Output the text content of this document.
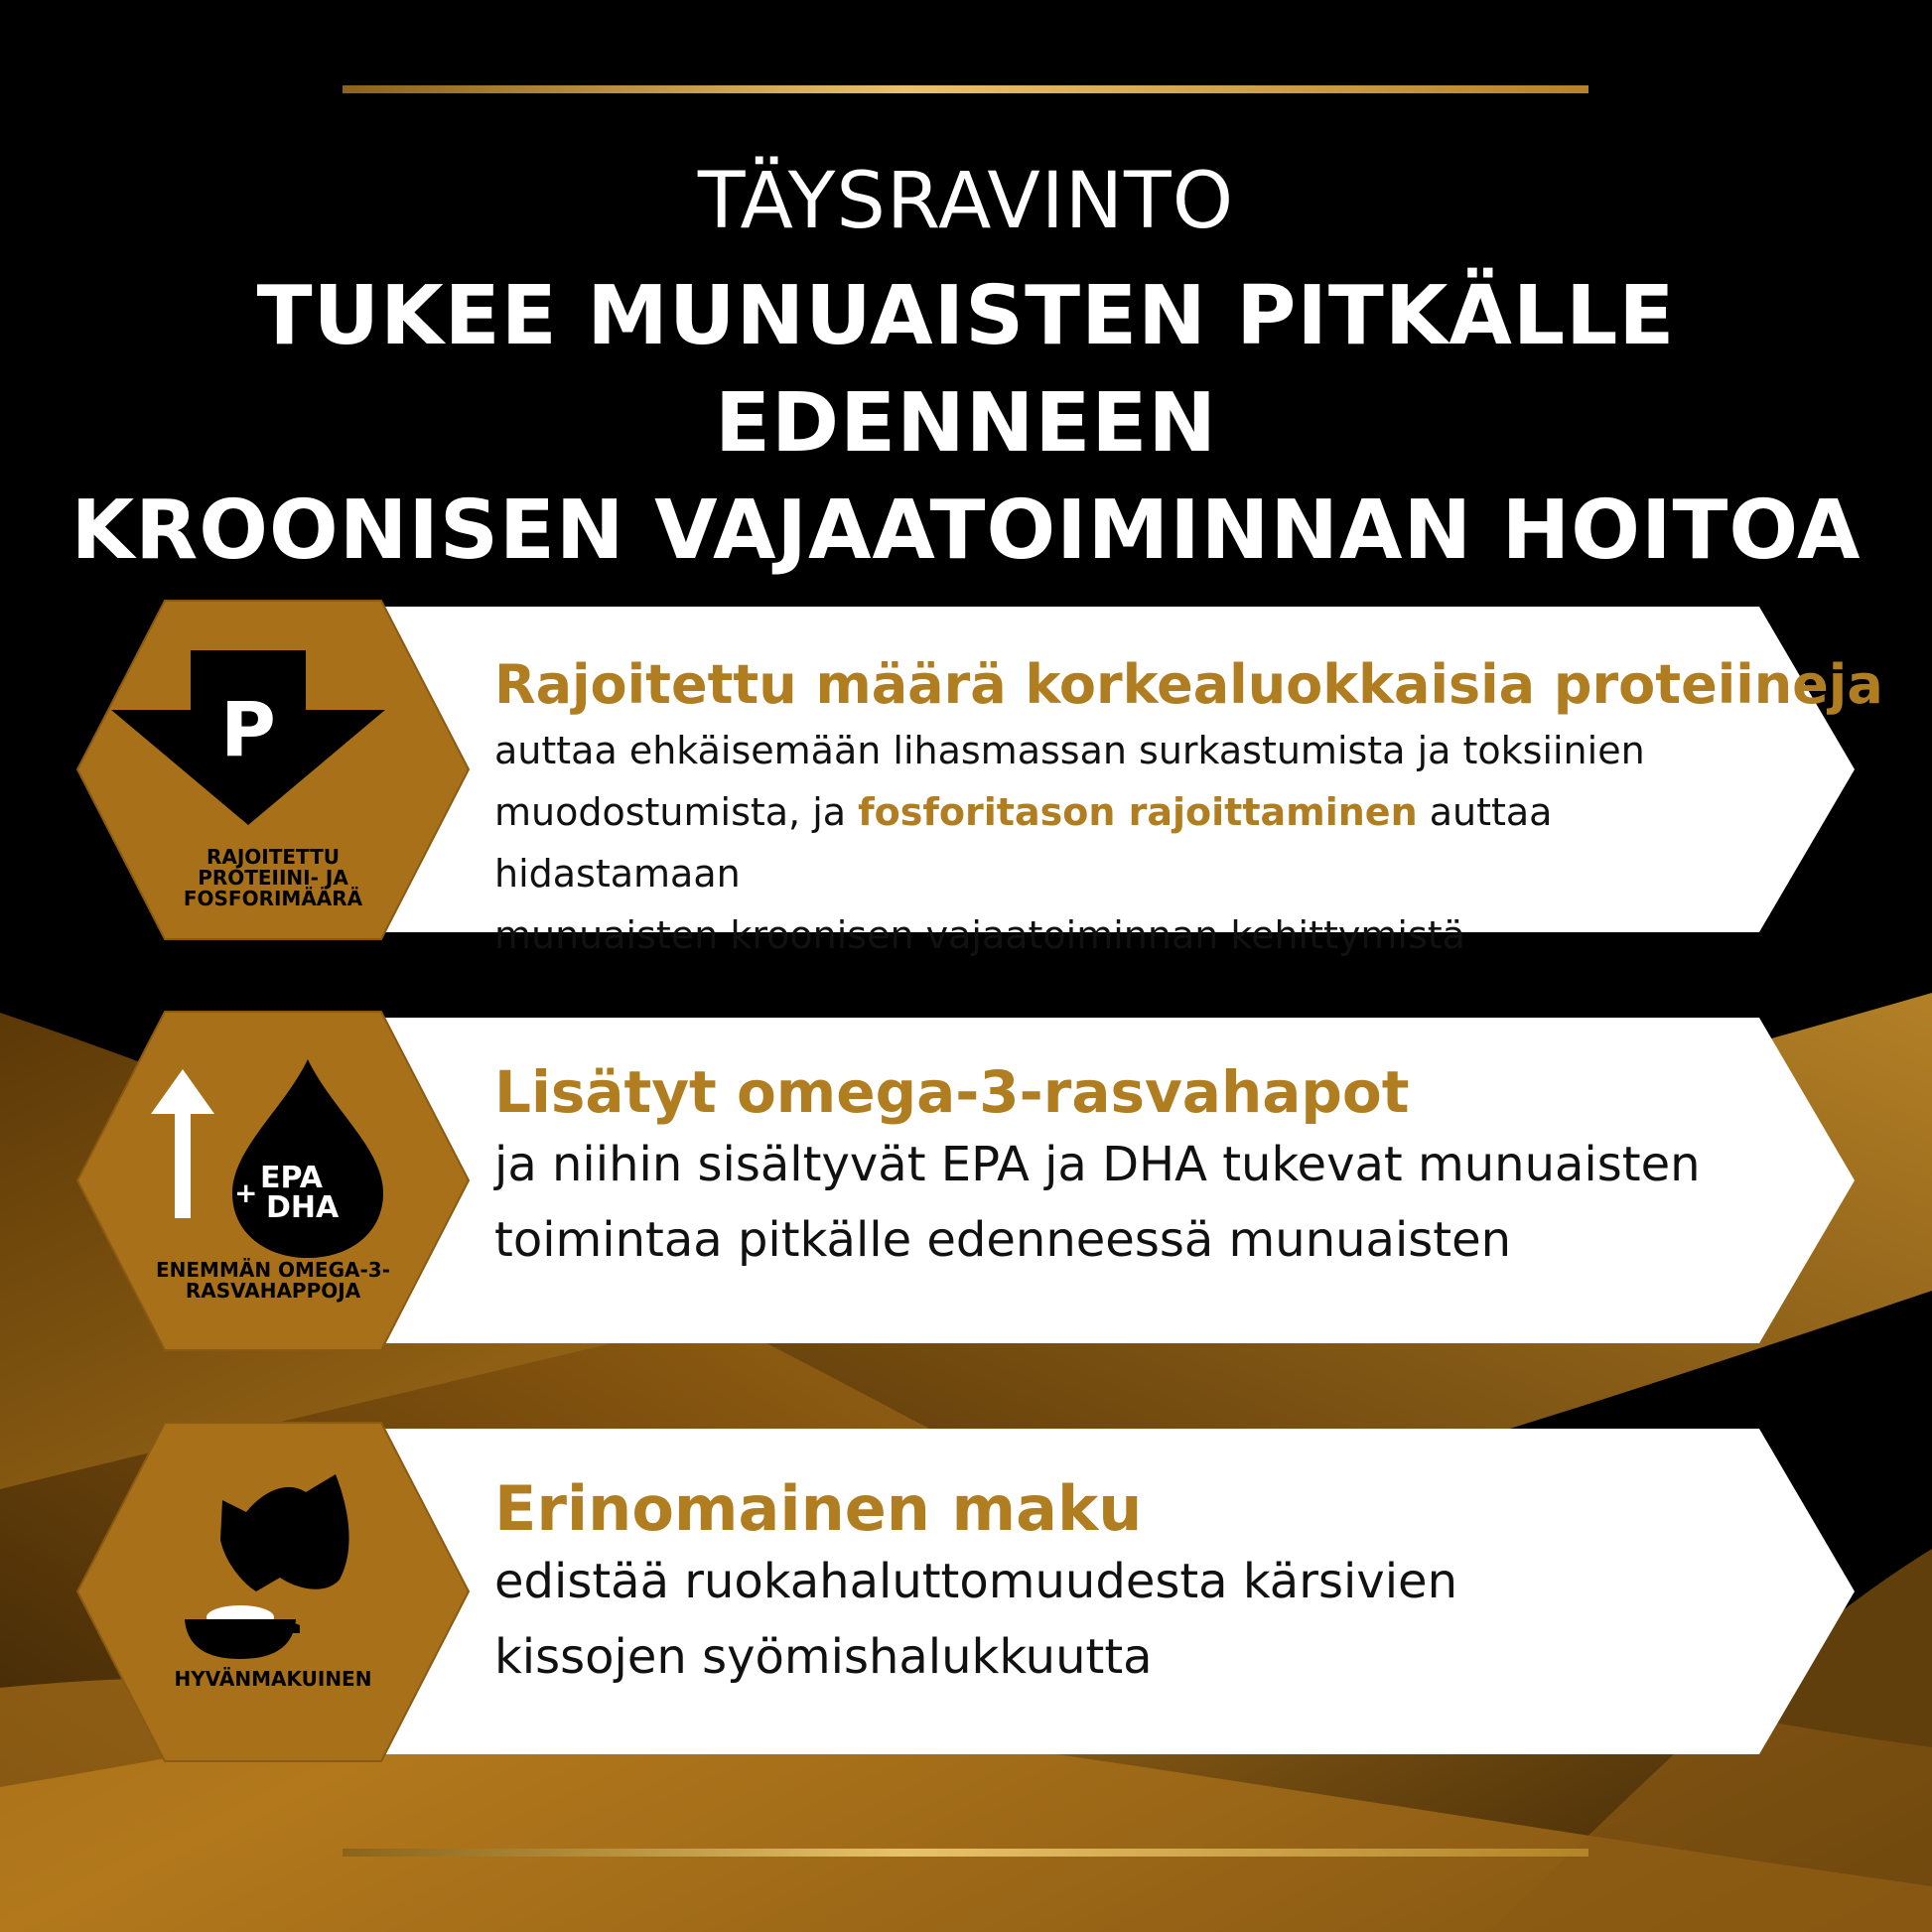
TÄYSRAVINTO
TUKEE MUNUAISTEN PITKÄLLE EDENNEEN
KROONISEN VAJAATOIMINNAN HOITOA
P
RAJOITETTU
PROTEIINI- JA
FOSFORIMÄÄRÄ
Rajoitettu määrä korkealuokkaisia proteiineja
auttaa ehkäisemään lihasmassan surkastumista ja toksiinien
muodostumista, ja fosforitason rajoittaminen auttaa hidastamaan
munuaisten kroonisen vajaatoiminnan kehittymistä
+ EPA
DHA
ENEMMÄN OMEGA-3-
RASVAHAPPOJA
Lisätyt omega-3-rasvahapot
ja niihin sisältyvät EPA ja DHA tukevat munuaisten
toimintaa pitkälle edenneessä munuaisten
HYVÄNMAKUINEN
Erinomainen maku
edistää ruokahaluttomuudesta kärsivien
kissojen syömishalukkuutta
